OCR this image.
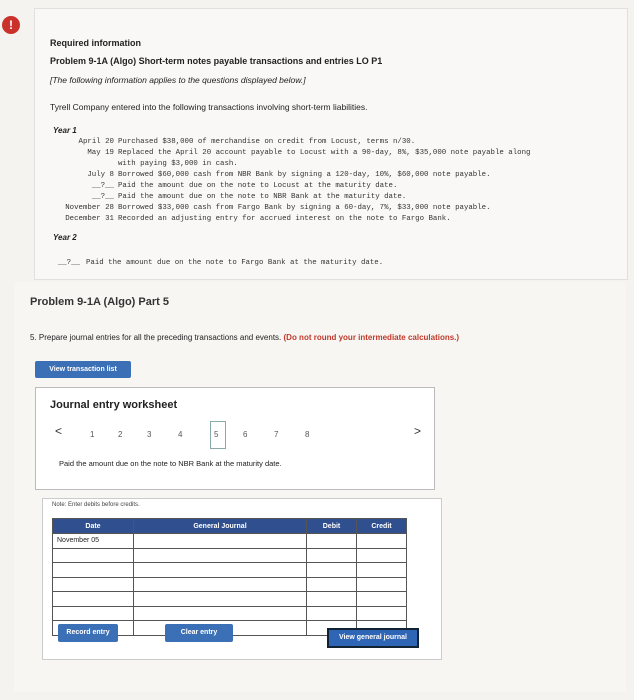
!
Required information
Problem 9-1A (Algo) Short-term notes payable transactions and entries LO P1
[The following information applies to the questions displayed below.]
Tyrell Company entered into the following transactions involving short-term liabilities.
Year 1
April 20 Purchased $38,000 of merchandise on credit from Locust, terms n/30.
May 19 Replaced the April 20 account payable to Locust with a 90-day, 8%, $35,000 note payable along
with paying $3,000 in cash.
July 8 Borrowed $60,000 cash from NBR Bank by signing a 120-day, 10%, $60,000 note payable.
__?__ Paid the amount due on the note to Locust at the maturity date.
__?__ Paid the amount due on the note to NBR Bank at the maturity date.
November 28 Borrowed $33,000 cash from Fargo Bank by signing a 60-day, 7%, $33,000 note payable.
December 31 Recorded an adjusting entry for accrued interest on the note to Fargo Bank.
Year 2
__?__ Paid the amount due on the note to Fargo Bank at the maturity date.
Problem 9-1A (Algo) Part 5
5. Prepare journal entries for all the preceding transactions and events. (Do not round your intermediate calculations.)
View transaction list
Journal entry worksheet
<	1	2	3	4	5	6	7	8	>
Paid the amount due on the note to NBR Bank at the maturity date.
Note: Enter debits before credits.
Date	General Journal	Debit	Credit
November 05			

Record entry	Clear entry
View general journal
